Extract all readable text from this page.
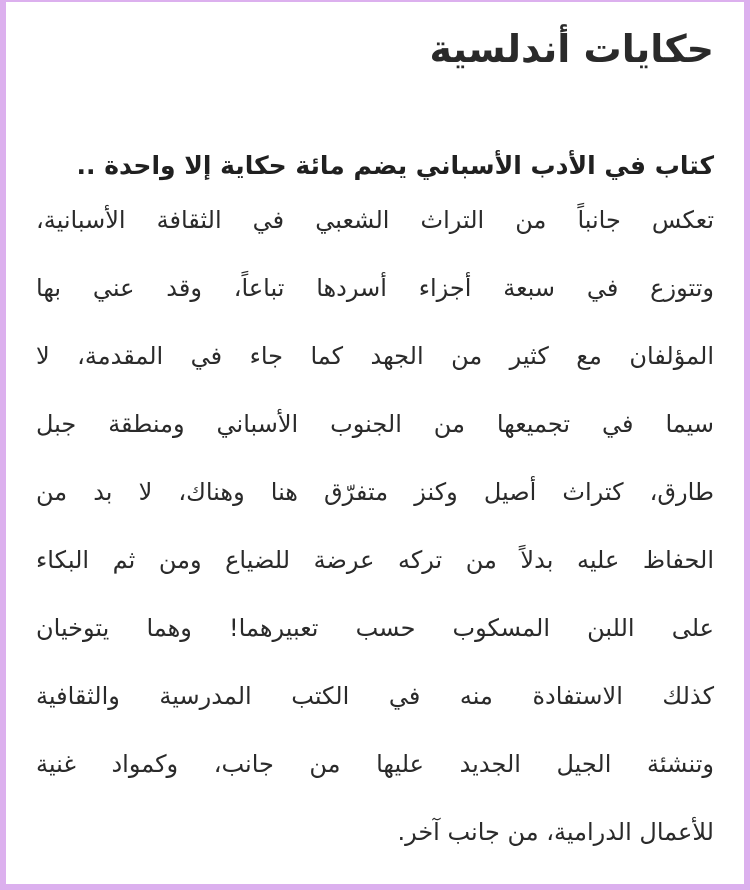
حكايات أندلسية

كتاب في الأدب الأسباني يضم مائة حكاية إلا واحدة ..

تعكس جانباً من التراث الشعبي في الثقافة الأسبانية،
وتتوزع في سبعة أجزاء أسردها تباعاً، وقد عني بها
المؤلفان مع كثير من الجهد كما جاء في المقدمة، لا
سيما في تجميعها من الجنوب الأسباني ومنطقة جبل
طارق، كتراث أصيل وكنز متفرّق هنا وهناك، لا بد من
الحفاظ عليه بدلاً من تركه عرضة للضياع ومن ثم البكاء
على اللبن المسكوب حسب تعبيرهما! وهما يتوخيان
كذلك الاستفادة منه في الكتب المدرسية والثقافية
وتنشئة الجيل الجديد عليها من جانب، وكمواد غنية
للأعمال الدرامية، من جانب آخر.
